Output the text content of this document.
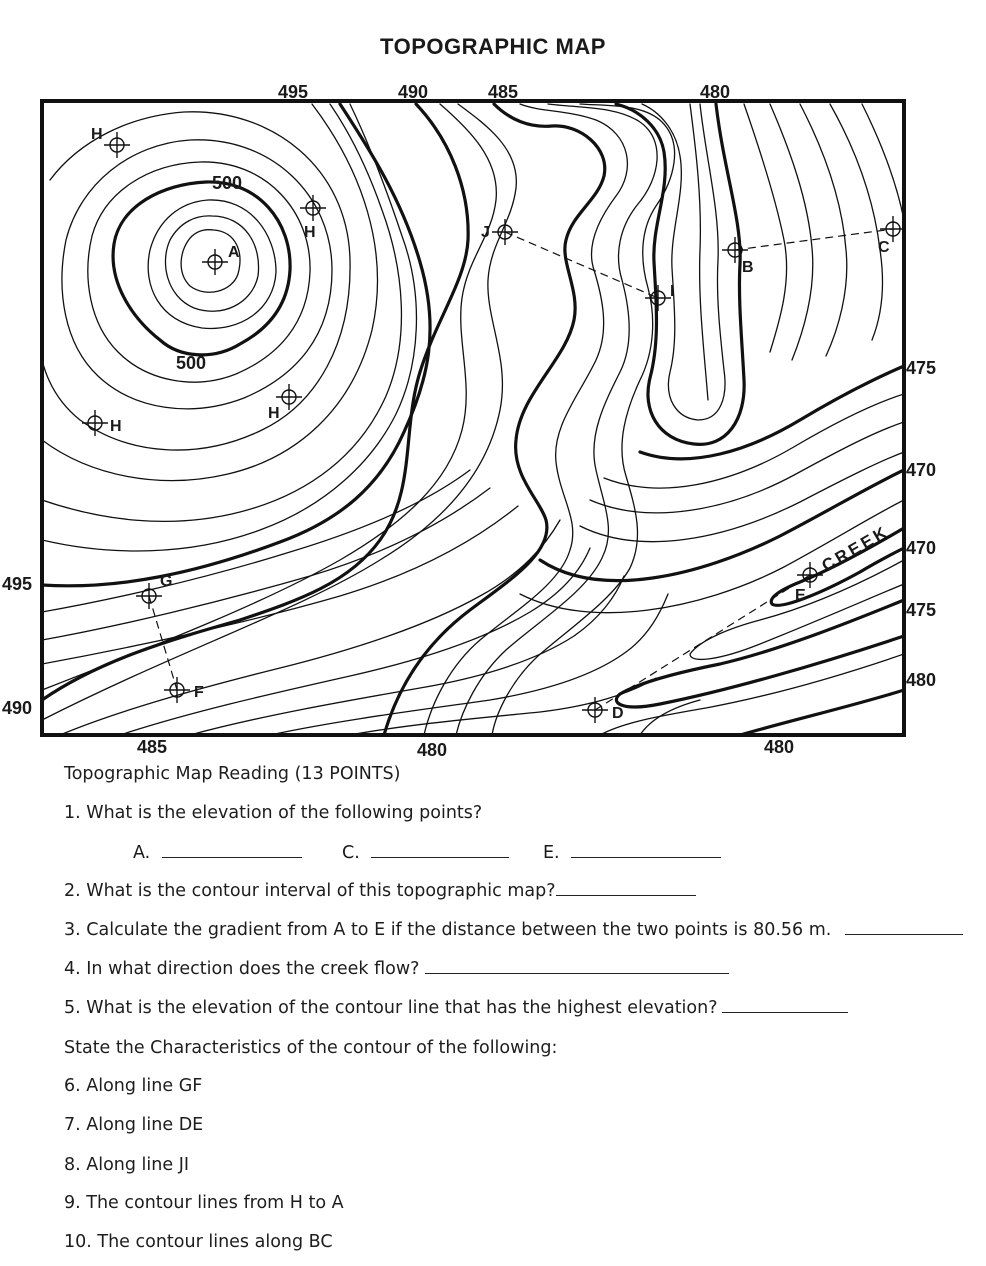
TOPOGRAPHIC MAP
495	490	485	480
485	480	480
495
490
475
470
470
475
480
500
500
CREEK
H
H
H
H
A
J
I
B
C
G
F
D
E
Topographic Map Reading (13 POINTS)
1. What is the elevation of the following points?
A.	C.	E.
2. What is the contour interval of this topographic map?
3. Calculate the gradient from A to E if the distance between the two points is 80.56 m.
4. In what direction does the creek flow?
5. What is the elevation of the contour line that has the highest elevation?
State the Characteristics of the contour of the following:
6. Along line GF
7. Along line DE
8. Along line JI
9. The contour lines from H to A
10. The contour lines along BC
